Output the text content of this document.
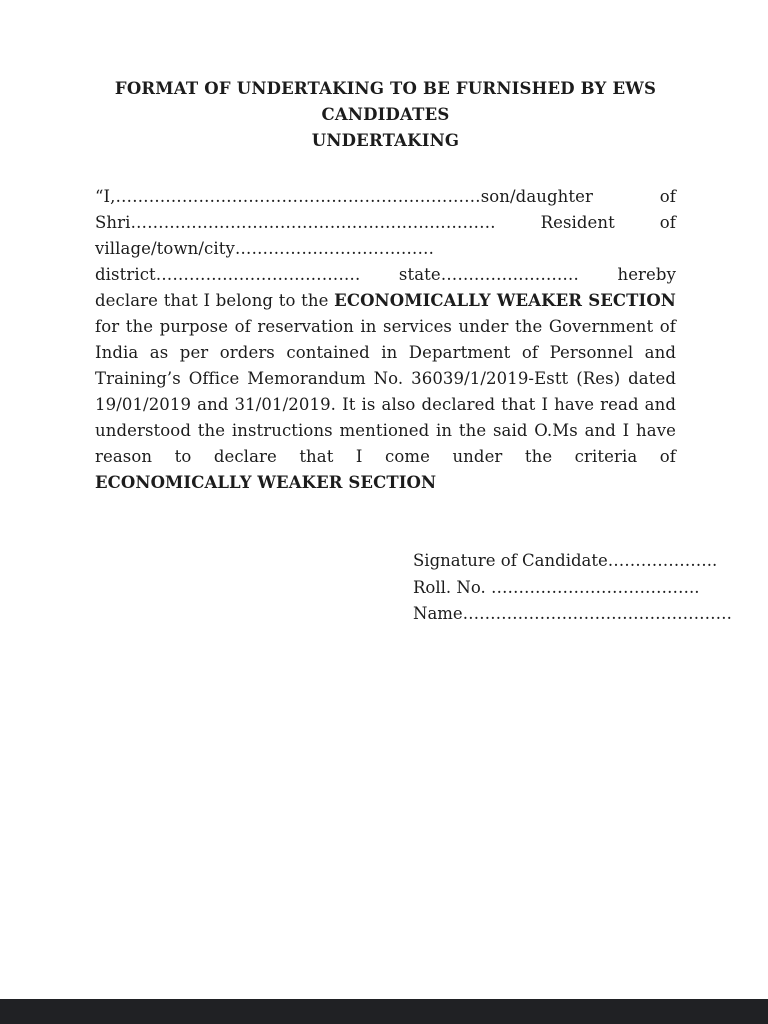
FORMAT OF UNDERTAKING TO BE FURNISHED BY EWS CANDIDATES
UNDERTAKING

“I,…………………………………………………………son/daughter of Shri………………………………………………………… Resident of village/town/city………………………………district………………………………. state……………………. hereby declare that I belong to the ECONOMICALLY WEAKER SECTION for the purpose of reservation in services under the Government of India as per orders contained in Department of Personnel and Training’s Office Memorandum No. 36039/1/2019-Estt (Res) dated 19/01/2019 and 31/01/2019. It is also declared that I have read and understood the instructions mentioned in the said O.Ms and I have reason to declare that I come under the criteria of ECONOMICALLY WEAKER SECTION

Signature of Candidate………………..
Roll. No. ………………………………..
Name………………………………………….
